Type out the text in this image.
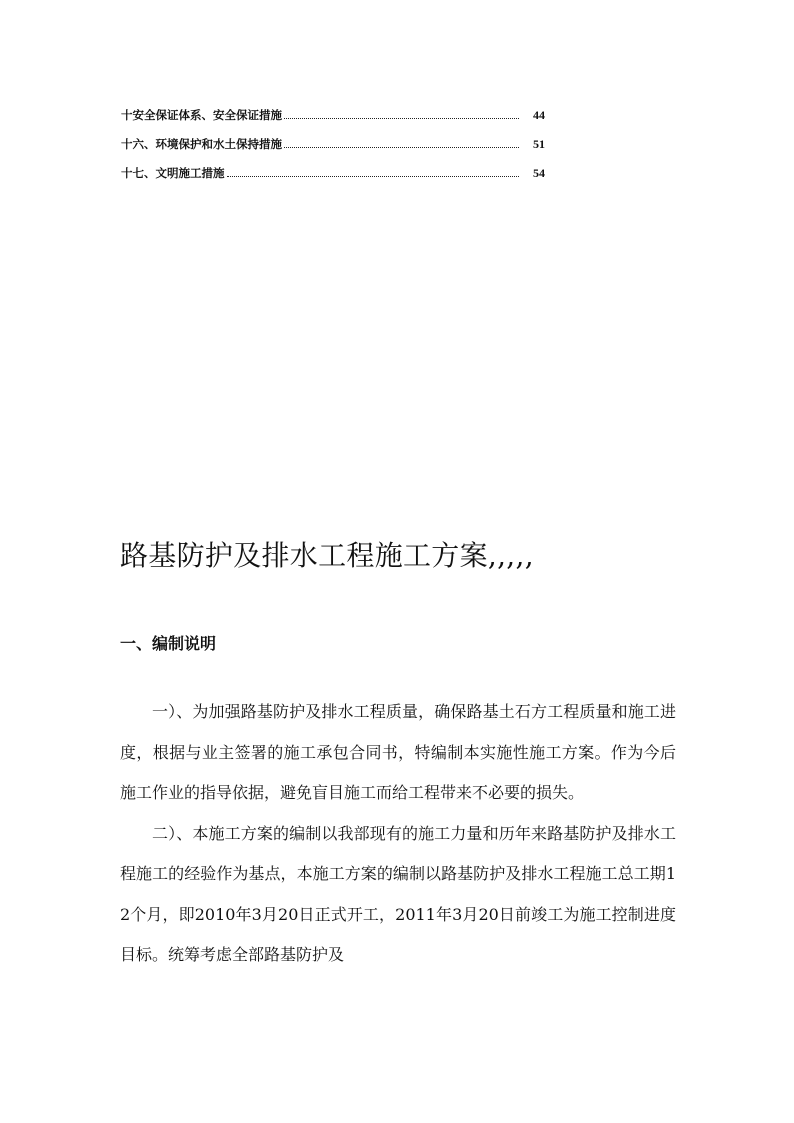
十安全保证体系、安全保证措施	44
十六、环境保护和水土保持措施	51
十七、文明施工措施	54
路基防护及排水工程施工方案,,,,,
一、编制说明

一）、为加强路基防护及排水工程质量，确保路基土石方工程质量和施工进度，根据与业主签署的施工承包合同书，特编制本实施性施工方案。作为今后施工作业的指导依据，避免盲目施工而给工程带来不必要的损失。

二）、本施工方案的编制以我部现有的施工力量和历年来路基防护及排水工程施工的经验作为基点，本施工方案的编制以路基防护及排水工程施工总工期12个月，即2010年3月20日正式开工，2011年3月20日前竣工为施工控制进度目标。统筹考虑全部路基防护及
